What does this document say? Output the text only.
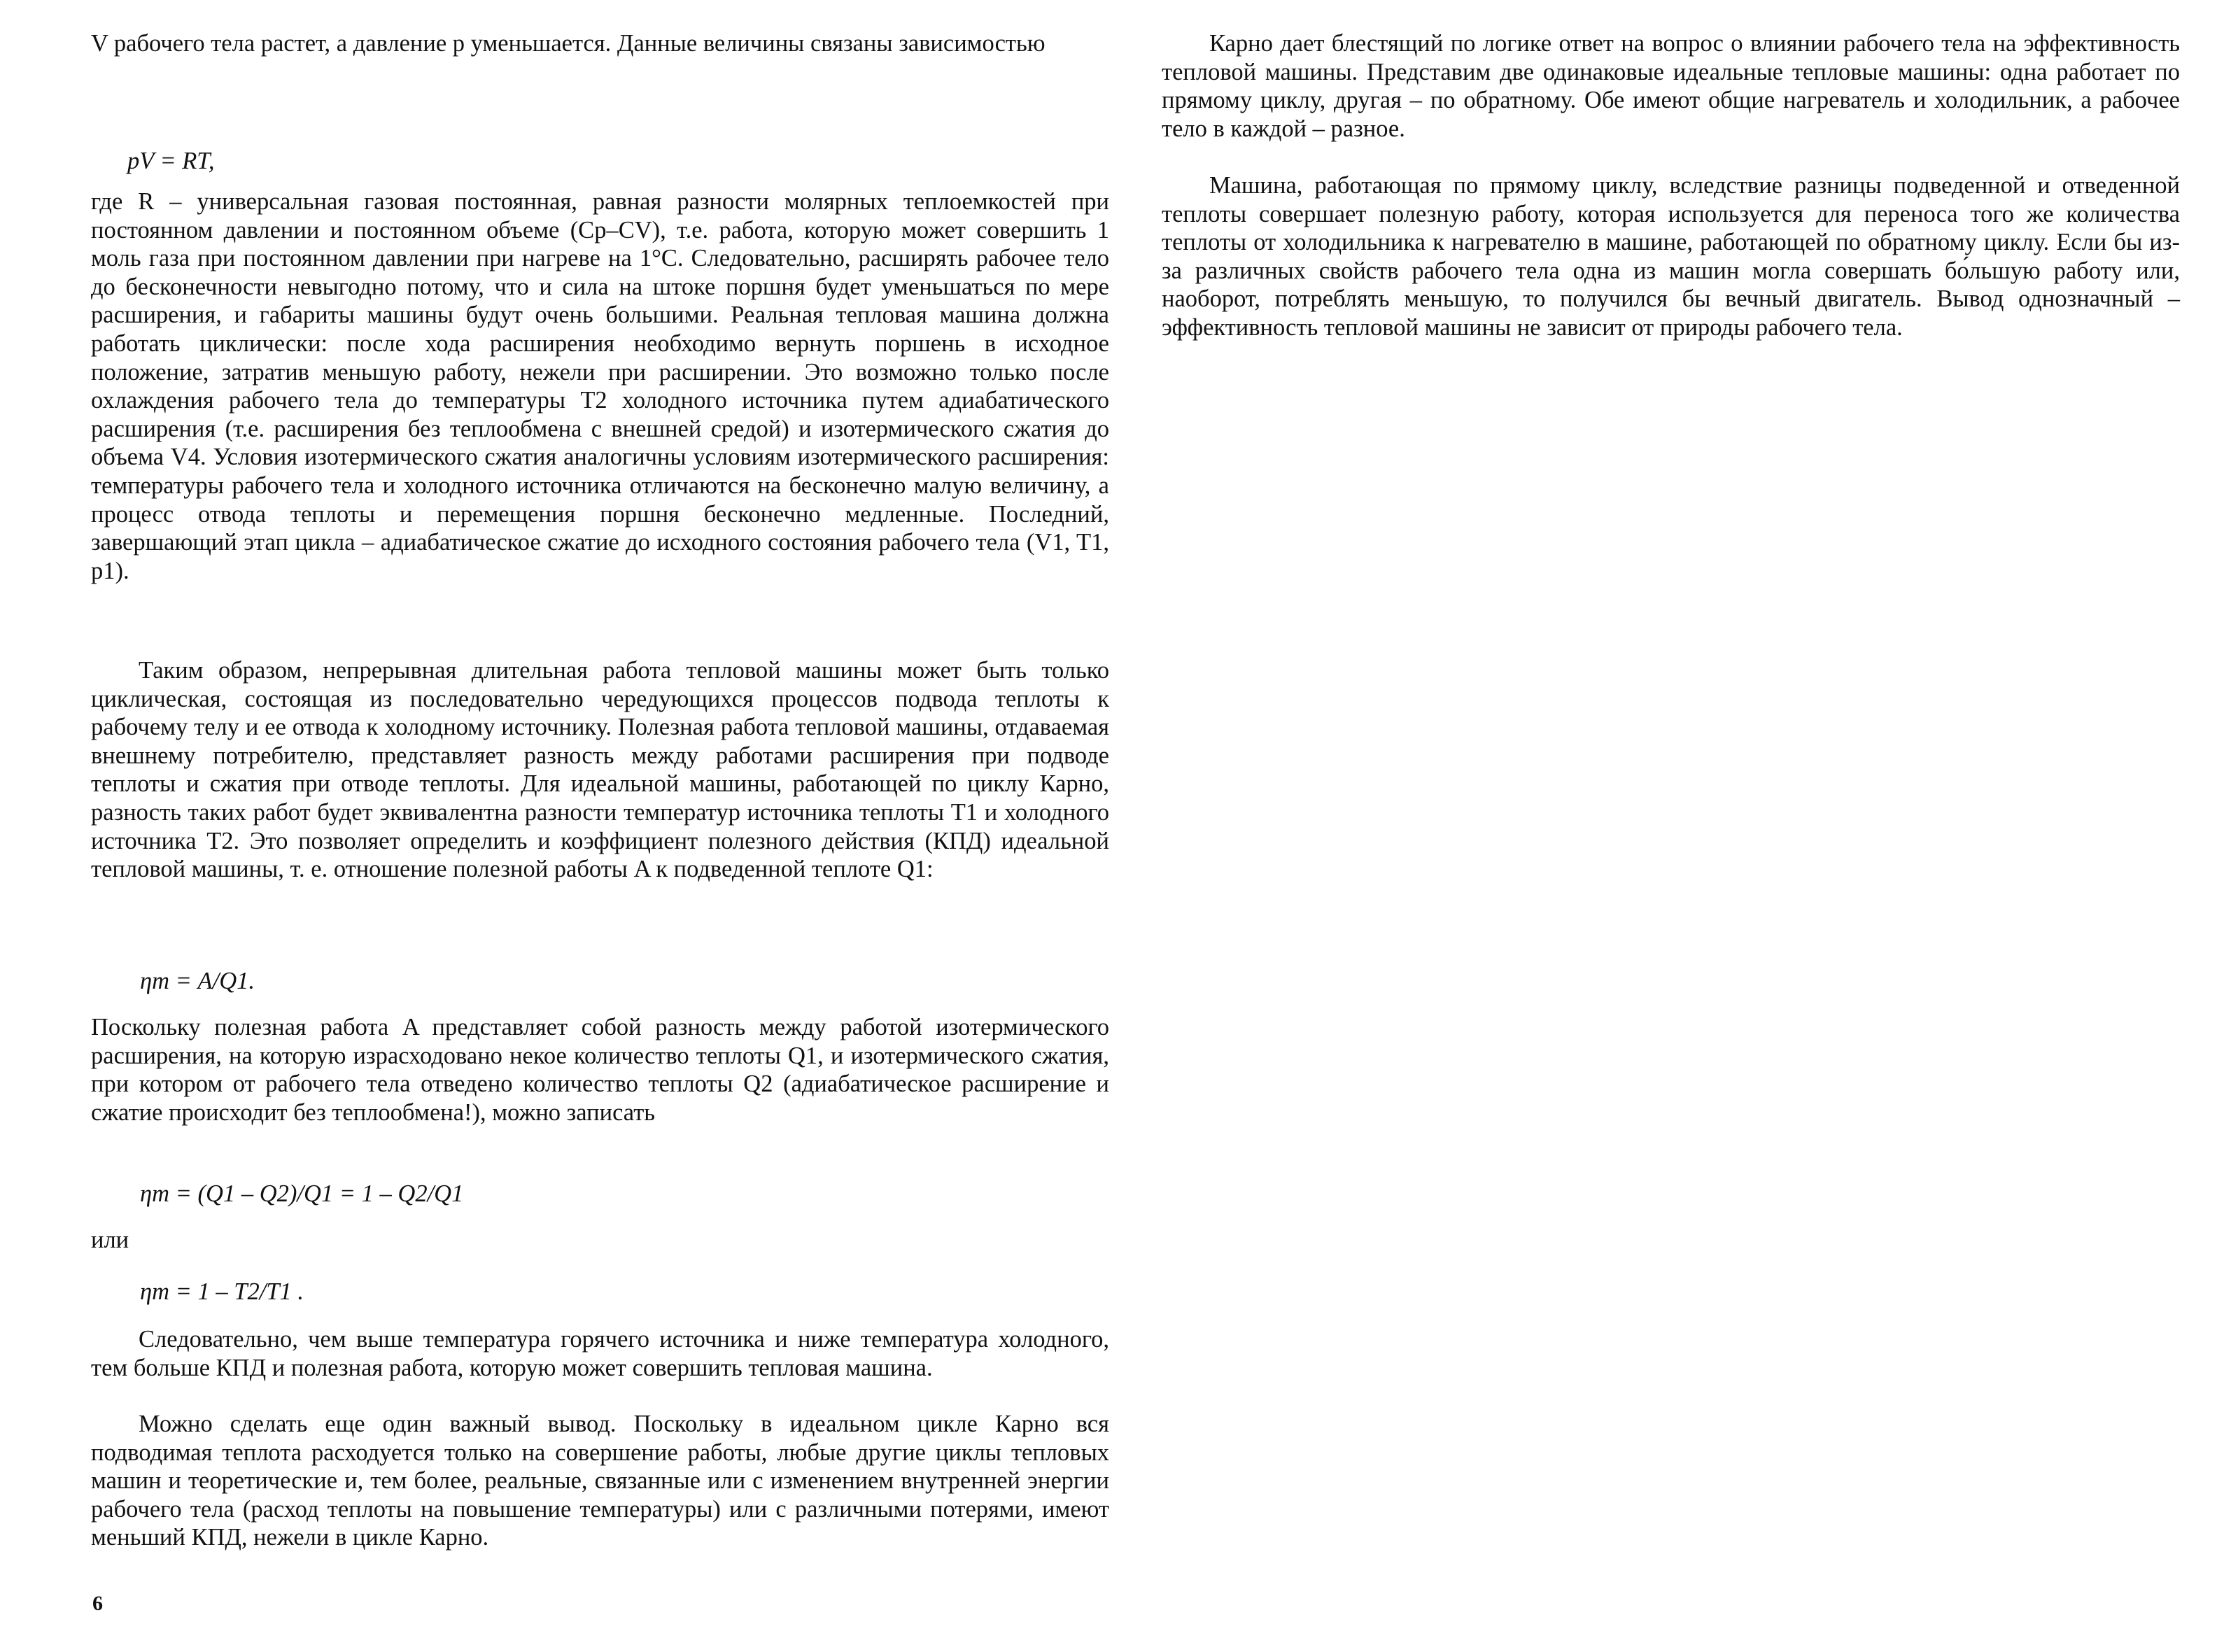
V рабочего тела растет, а давление p уменьшается. Данные величины связаны зависимостью

pV = RT,

где R – универсальная газовая постоянная, равная разности молярных теплоемкостей при постоянном давлении и постоянном объеме (Cp–CV), т.е. работа, которую может совершить 1 моль газа при постоянном давлении при нагреве на 1°С. Следовательно, расширять рабочее тело до бесконечности невыгодно потому, что и сила на штоке поршня будет уменьшаться по мере расширения, и габариты машины будут очень большими. Реальная тепловая машина должна работать циклически: после хода расширения необходимо вернуть поршень в исходное положение, затратив меньшую работу, нежели при расширении. Это возможно только после охлаждения рабочего тела до температуры T2 холодного источника путем адиабатического расширения (т.е. расширения без теплообмена с внешней средой) и изотермического сжатия до объема V4. Условия изотермического сжатия аналогичны условиям изотермического расширения: температуры рабочего тела и холодного источника отличаются на бесконечно малую величину, а процесс отвода теплоты и перемещения поршня бесконечно медленные. Последний, завершающий этап цикла – адиабатическое сжатие до исходного состояния рабочего тела (V1, T1, p1).

Таким образом, непрерывная длительная работа тепловой машины может быть только циклическая, состоящая из последовательно чередующихся процессов подвода теплоты к рабочему телу и ее отвода к холодному источнику. Полезная работа тепловой машины, отдаваемая внешнему потребителю, представляет разность между работами расширения при подводе теплоты и сжатия при отводе теплоты. Для идеальной машины, работающей по циклу Карно, разность таких работ будет эквивалентна разности температур источника теплоты T1 и холодного источника T2. Это позволяет определить и коэффициент полезного действия (КПД) идеальной тепловой машины, т. е. отношение полезной работы A к подведенной теплоте Q1:

ηт = A/Q1.

Поскольку полезная работа A представляет собой разность между работой изотермического расширения, на которую израсходовано некое количество теплоты Q1, и изотермического сжатия, при котором от рабочего тела отведено количество теплоты Q2 (адиабатическое расширение и сжатие происходит без теплообмена!), можно записать

ηт = (Q1 – Q2)/Q1 = 1 – Q2/Q1
или
ηт = 1 – T2/T1 .

Следовательно, чем выше температура горячего источника и ниже температура холодного, тем больше КПД и полезная работа, которую может совершить тепловая машина.

Можно сделать еще один важный вывод. Поскольку в идеальном цикле Карно вся подводимая теплота расходуется только на совершение работы, любые другие циклы тепловых машин и теоретические и, тем более, реальные, связанные или с изменением внутренней энергии рабочего тела (расход теплоты на повышение температуры) или с различными потерями, имеют меньший КПД, нежели в цикле Карно.

6

Карно дает блестящий по логике ответ на вопрос о влиянии рабочего тела на эффективность тепловой машины. Представим две одинаковые идеальные тепловые машины: одна работает по прямому циклу, другая – по обратному. Обе имеют общие нагреватель и холодильник, а рабочее тело в каждой – разное.

Машина, работающая по прямому циклу, вследствие разницы подведенной и отведенной теплоты совершает полезную работу, которая используется для переноса того же количества теплоты от холодильника к нагревателю в машине, работающей по обратному циклу. Если бы из-за различных свойств рабочего тела одна из машин могла совершать бо́льшую работу или, наоборот, потреблять меньшую, то получился бы вечный двигатель. Вывод однозначный – эффективность тепловой машины не зависит от природы рабочего тела.
